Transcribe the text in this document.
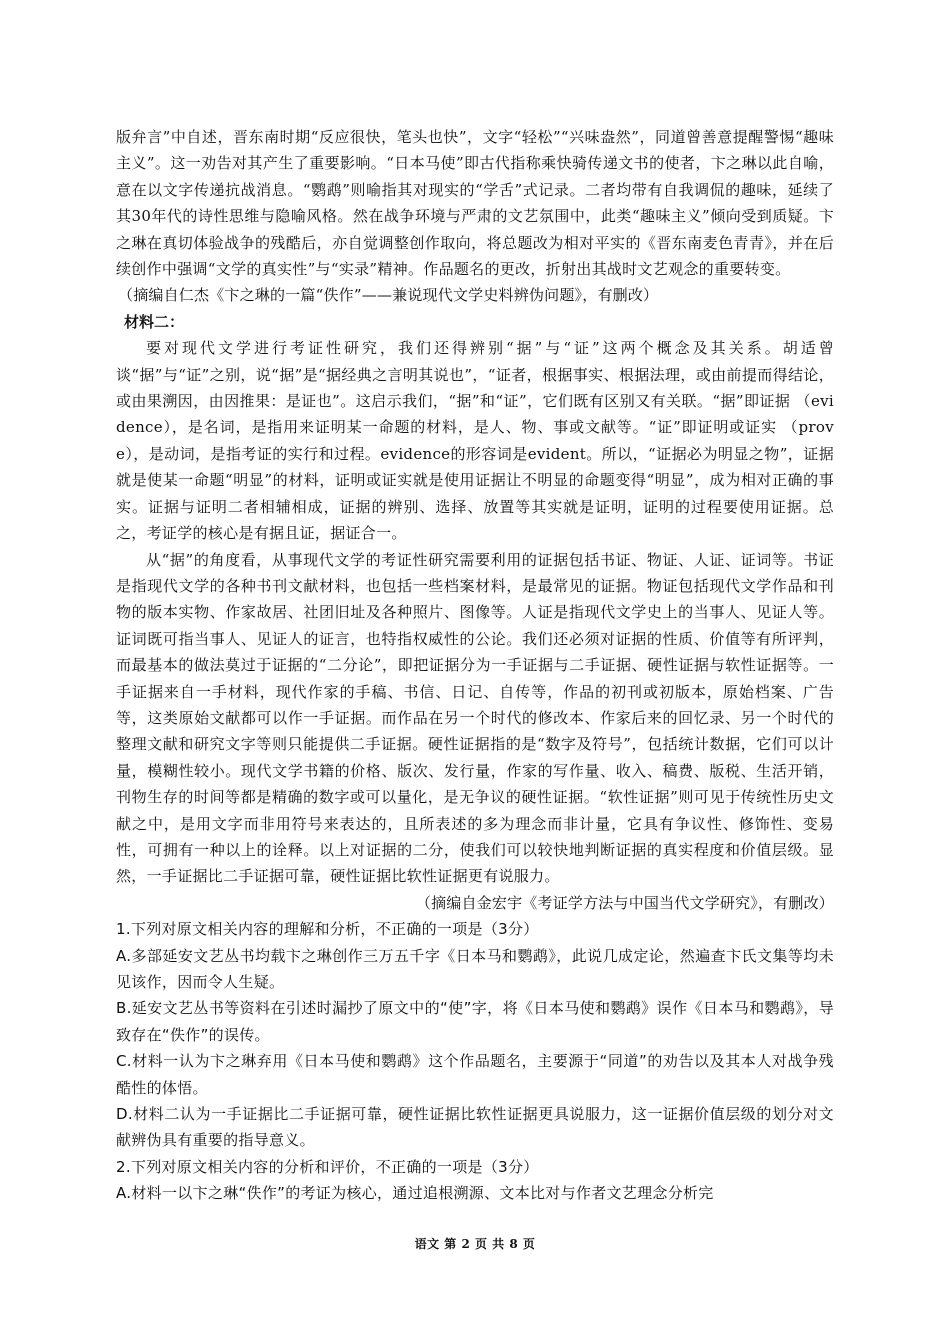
版弁言”中自述，晋东南时期“反应很快，笔头也快”，文字“轻松”“兴味盎然”，同道曾善意提醒警惕“趣味主义”。这一劝告对其产生了重要影响。“日本马使”即古代指称乘快骑传递文书的使者，卞之琳以此自喻，意在以文字传递抗战消息。“鹦鹉”则喻指其对现实的“学舌”式记录。二者均带有自我调侃的趣味，延续了其30年代的诗性思维与隐喻风格。然在战争环境与严肃的文艺氛围中，此类“趣味主义”倾向受到质疑。卞之琳在真切体验战争的残酷后，亦自觉调整创作取向，将总题改为相对平实的《晋东南麦色青青》，并在后续创作中强调“文学的真实性”与“实录”精神。作品题名的更改，折射出其战时文艺观念的重要转变。

（摘编自仁杰《卞之琳的一篇“佚作”——兼说现代文学史料辨伪问题》，有删改）

材料二：

要对现代文学进行考证性研究，我们还得辨别“据”与“证”这两个概念及其关系。胡适曾谈“据”与“证”之别，说“据”是“据经典之言明其说也”，“证者，根据事实、根据法理，或由前提而得结论，或由果溯因，由因推果：是证也”。这启示我们，“据”和“证”，它们既有区别又有关联。“据”即证据 （evidence），是名词，是指用来证明某一命题的材料，是人、物、事或文献等。“证”即证明或证实 （prove），是动词，是指考证的实行和过程。evidence的形容词是evident。所以，“证据必为明显之物”，证据就是使某一命题“明显”的材料，证明或证实就是使用证据让不明显的命题变得“明显”，成为相对正确的事实。证据与证明二者相辅相成，证据的辨别、选择、放置等其实就是证明，证明的过程要使用证据。总之，考证学的核心是有据且证，据证合一。

从“据”的角度看，从事现代文学的考证性研究需要利用的证据包括书证、物证、人证、证词等。书证是指现代文学的各种书刊文献材料，也包括一些档案材料，是最常见的证据。物证包括现代文学作品和刊物的版本实物、作家故居、社团旧址及各种照片、图像等。人证是指现代文学史上的当事人、见证人等。证词既可指当事人、见证人的证言，也特指权威性的公论。我们还必须对证据的性质、价值等有所评判，而最基本的做法莫过于证据的“二分论”，即把证据分为一手证据与二手证据、硬性证据与软性证据等。一手证据来自一手材料，现代作家的手稿、书信、日记、自传等，作品的初刊或初版本，原始档案、广告等，这类原始文献都可以作一手证据。而作品在另一个时代的修改本、作家后来的回忆录、另一个时代的整理文献和研究文字等则只能提供二手证据。硬性证据指的是“数字及符号”，包括统计数据，它们可以计量，模糊性较小。现代文学书籍的价格、版次、发行量，作家的写作量、收入、稿费、版税、生活开销，刊物生存的时间等都是精确的数字或可以量化，是无争议的硬性证据。“软性证据”则可见于传统性历史文献之中，是用文字而非用符号来表达的，且所表述的多为理念而非计量，它具有争议性、修饰性、变易性，可拥有一种以上的诠释。以上对证据的二分，使我们可以较快地判断证据的真实程度和价值层级。显然，一手证据比二手证据可靠，硬性证据比软性证据更有说服力。

（摘编自金宏宇《考证学方法与中国当代文学研究》，有删改）

1.下列对原文相关内容的理解和分析，不正确的一项是（3分）

A.多部延安文艺丛书均载卞之琳创作三万五千字《日本马和鹦鹉》，此说几成定论，然遍查卞氏文集等均未见该作，因而令人生疑。

B.延安文艺丛书等资料在引述时漏抄了原文中的“使”字，将《日本马使和鹦鹉》误作《日本马和鹦鹉》，导致存在“佚作”的误传。

C.材料一认为卞之琳弃用《日本马使和鹦鹉》这个作品题名，主要源于“同道”的劝告以及其本人对战争残酷性的体悟。

D.材料二认为一手证据比二手证据可靠，硬性证据比软性证据更具说服力，这一证据价值层级的划分对文献辨伪具有重要的指导意义。

2.下列对原文相关内容的分析和评价，不正确的一项是（3分）

A.材料一以卞之琳“佚作”的考证为核心，通过追根溯源、文本比对与作者文艺理念分析完

语文 第 2 页 共 8 页
